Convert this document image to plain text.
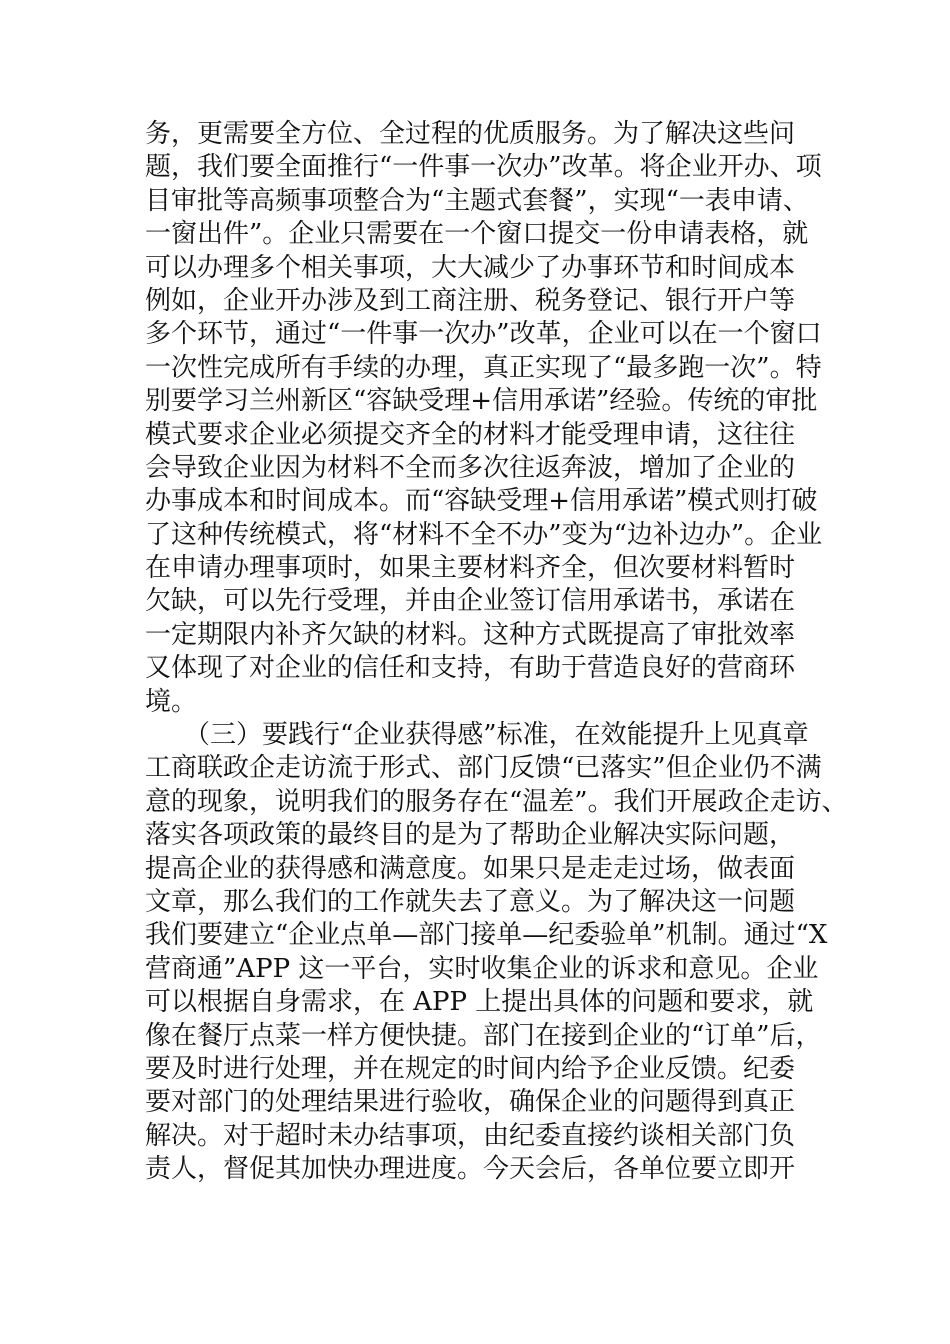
务，更需要全方位、全过程的优质服务。为了解决这些问
题，我们要全面推行“一件事一次办”改革。将企业开办、项
目审批等高频事项整合为“主题式套餐”，实现“一表申请、
一窗出件”。企业只需要在一个窗口提交一份申请表格，就
可以办理多个相关事项，大大减少了办事环节和时间成本
例如，企业开办涉及到工商注册、税务登记、银行开户等
多个环节，通过“一件事一次办”改革，企业可以在一个窗口
一次性完成所有手续的办理，真正实现了“最多跑一次”。特
别要学习兰州新区“容缺受理+信用承诺”经验。传统的审批
模式要求企业必须提交齐全的材料才能受理申请，这往往
会导致企业因为材料不全而多次往返奔波，增加了企业的
办事成本和时间成本。而“容缺受理+信用承诺”模式则打破
了这种传统模式，将“材料不全不办”变为“边补边办”。企业
在申请办理事项时，如果主要材料齐全，但次要材料暂时
欠缺，可以先行受理，并由企业签订信用承诺书，承诺在
一定期限内补齐欠缺的材料。这种方式既提高了审批效率
又体现了对企业的信任和支持，有助于营造良好的营商环
境。
　　（三）要践行“企业获得感”标准，在效能提升上见真章
工商联政企走访流于形式、部门反馈“已落实”但企业仍不满
意的现象，说明我们的服务存在“温差”。我们开展政企走访、
落实各项政策的最终目的是为了帮助企业解决实际问题，
提高企业的获得感和满意度。如果只是走走过场，做表面
文章，那么我们的工作就失去了意义。为了解决这一问题
我们要建立“企业点单—部门接单—纪委验单”机制。通过“X
营商通”APP 这一平台，实时收集企业的诉求和意见。企业
可以根据自身需求，在 APP 上提出具体的问题和要求，就
像在餐厅点菜一样方便快捷。部门在接到企业的“订单”后，
要及时进行处理，并在规定的时间内给予企业反馈。纪委
要对部门的处理结果进行验收，确保企业的问题得到真正
解决。对于超时未办结事项，由纪委直接约谈相关部门负
责人，督促其加快办理进度。今天会后，各单位要立即开
